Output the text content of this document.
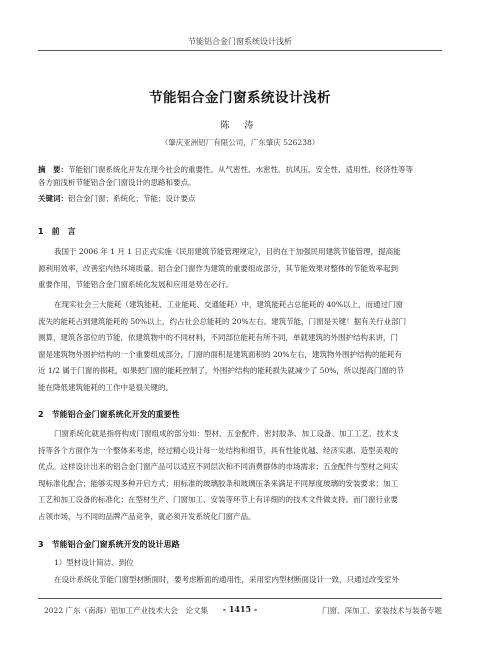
节能铝合金门窗系统设计浅析
节能铝合金门窗系统设计浅析
陈 涛
（肇庆亚洲铝厂有限公司，广东肇庆 526238）
摘　要：节能铝门窗系统化开发在现今社会的重要性。从气密性、水密性、抗风压、安全性、适用性、经济性等等
各方面浅析节能铝合金门窗设计的思路和要点。
关键词：铝合金门窗；系统化；节能；设计要点
1　前　言
我国于 2006 年 1 月 1 日正式实施《民用建筑节能管理规定》，目的在于加强民用建筑节能管理，提高能
源利用效率，改善室内热环境质量。铝合金门窗作为建筑的重要组成部分，其节能效果对整体的节能效率起到
重要作用，节能铝合金门窗系统化发展和应用是势在必行。
在现实社会三大能耗（建筑能耗、工业能耗、交通能耗）中，建筑能耗占总能耗的 40%以上，而通过门窗
流失的能耗占到建筑能耗的 50%以上，约占社会总能耗的 20%左右。建筑节能，门窗是关键！据有关行业部门
测算，建筑各部位的节能，依建筑物中的不同材料，不同部位能耗有所不同，单就建筑的外围护结构来讲，门
窗是建筑物外围护结构的一个重要组成部分，门窗的面积是建筑面积的 20%左右，建筑物外围护结构的能耗有
近 1/2 属于门窗的损耗，如果把门窗的能耗控制了，外围护结构的能耗损失就减少了 50%，所以提高门窗的节
能在降低建筑能耗的工作中是很关键的。
2　节能铝合金门窗系统化开发的重要性
门窗系统化就是指将构成门窗组成的部分如：型材、五金配件、密封胶条、加工设备、加工工艺、技术支
持等各个方面作为一个整体来考虑，经过精心设计每一处结构和细节，具有性能优越、经济实惠、造型美观的
优点。这样设计出来的铝合金门窗产品可以适应不同层次和不同消费群体的市场需求；五金配件与型材之间实
现标准化配合；能够实现多种开启方式；用标准的玻璃胶条和玻璃压条来满足不同厚度玻璃的安装要求；加工
工艺和加工设备的标准化；在型材生产、门窗加工、安装等环节上有详细的的技术文件做支持。而门窗行业要
占领市场，与不同的品牌产品竞争，就必须开发系统化门窗产品。
3　节能铝合金门窗系统开发的设计思路
1）型材设计简洁、到位
在设计系统化节能门窗型材断面时，要考虑断面的通用性，采用室内型材断面设计一致，只通过改变室外
2022 广东（南海）铝加工产业技术大会　论文集	- 1415 -	门窗、深加工、家装技术与装备专题
